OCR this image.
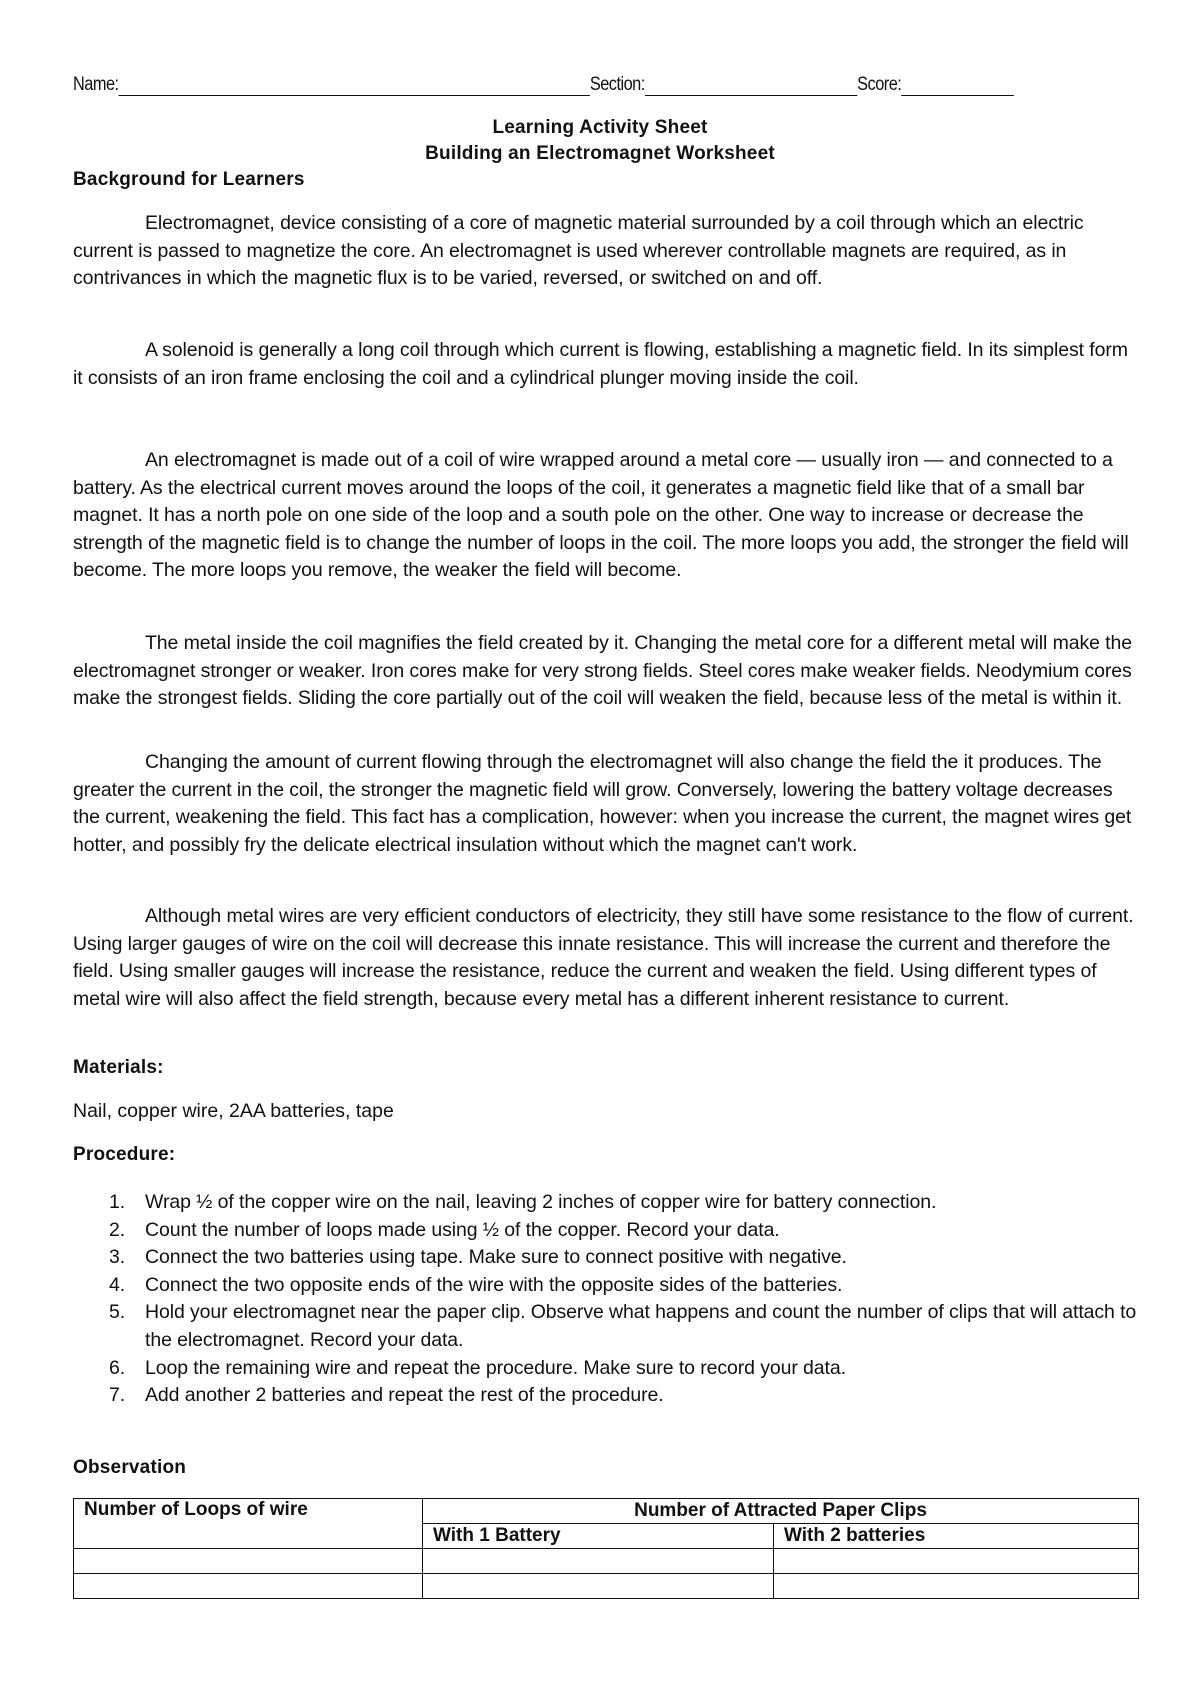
Name:	Section:	Score:
Learning Activity Sheet
Building an Electromagnet Worksheet
Background for Learners

Electromagnet, device consisting of a core of magnetic material surrounded by a coil through which an electric current is passed to magnetize the core. An electromagnet is used wherever controllable magnets are required, as in contrivances in which the magnetic flux is to be varied, reversed, or switched on and off.

A solenoid is generally a long coil through which current is flowing, establishing a magnetic field. In its simplest form it consists of an iron frame enclosing the coil and a cylindrical plunger moving inside the coil.

An electromagnet is made out of a coil of wire wrapped around a metal core — usually iron — and connected to a battery. As the electrical current moves around the loops of the coil, it generates a magnetic field like that of a small bar magnet. It has a north pole on one side of the loop and a south pole on the other. One way to increase or decrease the strength of the magnetic field is to change the number of loops in the coil. The more loops you add, the stronger the field will become. The more loops you remove, the weaker the field will become.

The metal inside the coil magnifies the field created by it. Changing the metal core for a different metal will make the electromagnet stronger or weaker. Iron cores make for very strong fields. Steel cores make weaker fields. Neodymium cores make the strongest fields. Sliding the core partially out of the coil will weaken the field, because less of the metal is within it.

Changing the amount of current flowing through the electromagnet will also change the field the it produces. The greater the current in the coil, the stronger the magnetic field will grow. Conversely, lowering the battery voltage decreases the current, weakening the field. This fact has a complication, however: when you increase the current, the magnet wires get hotter, and possibly fry the delicate electrical insulation without which the magnet can't work.

Although metal wires are very efficient conductors of electricity, they still have some resistance to the flow of current. Using larger gauges of wire on the coil will decrease this innate resistance. This will increase the current and therefore the field. Using smaller gauges will increase the resistance, reduce the current and weaken the field. Using different types of metal wire will also affect the field strength, because every metal has a different inherent resistance to current.

Materials:
Nail, copper wire, 2AA batteries, tape
Procedure:
1. Wrap ½ of the copper wire on the nail, leaving 2 inches of copper wire for battery connection.
2. Count the number of loops made using ½ of the copper. Record your data.
3. Connect the two batteries using tape. Make sure to connect positive with negative.
4. Connect the two opposite ends of the wire with the opposite sides of the batteries.
5. Hold your electromagnet near the paper clip. Observe what happens and count the number of clips that will attach to the electromagnet. Record your data.
6. Loop the remaining wire and repeat the procedure. Make sure to record your data.
7. Add another 2 batteries and repeat the rest of the procedure.
Observation
Number of Loops of wire	Number of Attracted Paper Clips	
	With 1 Battery	With 2 batteries
